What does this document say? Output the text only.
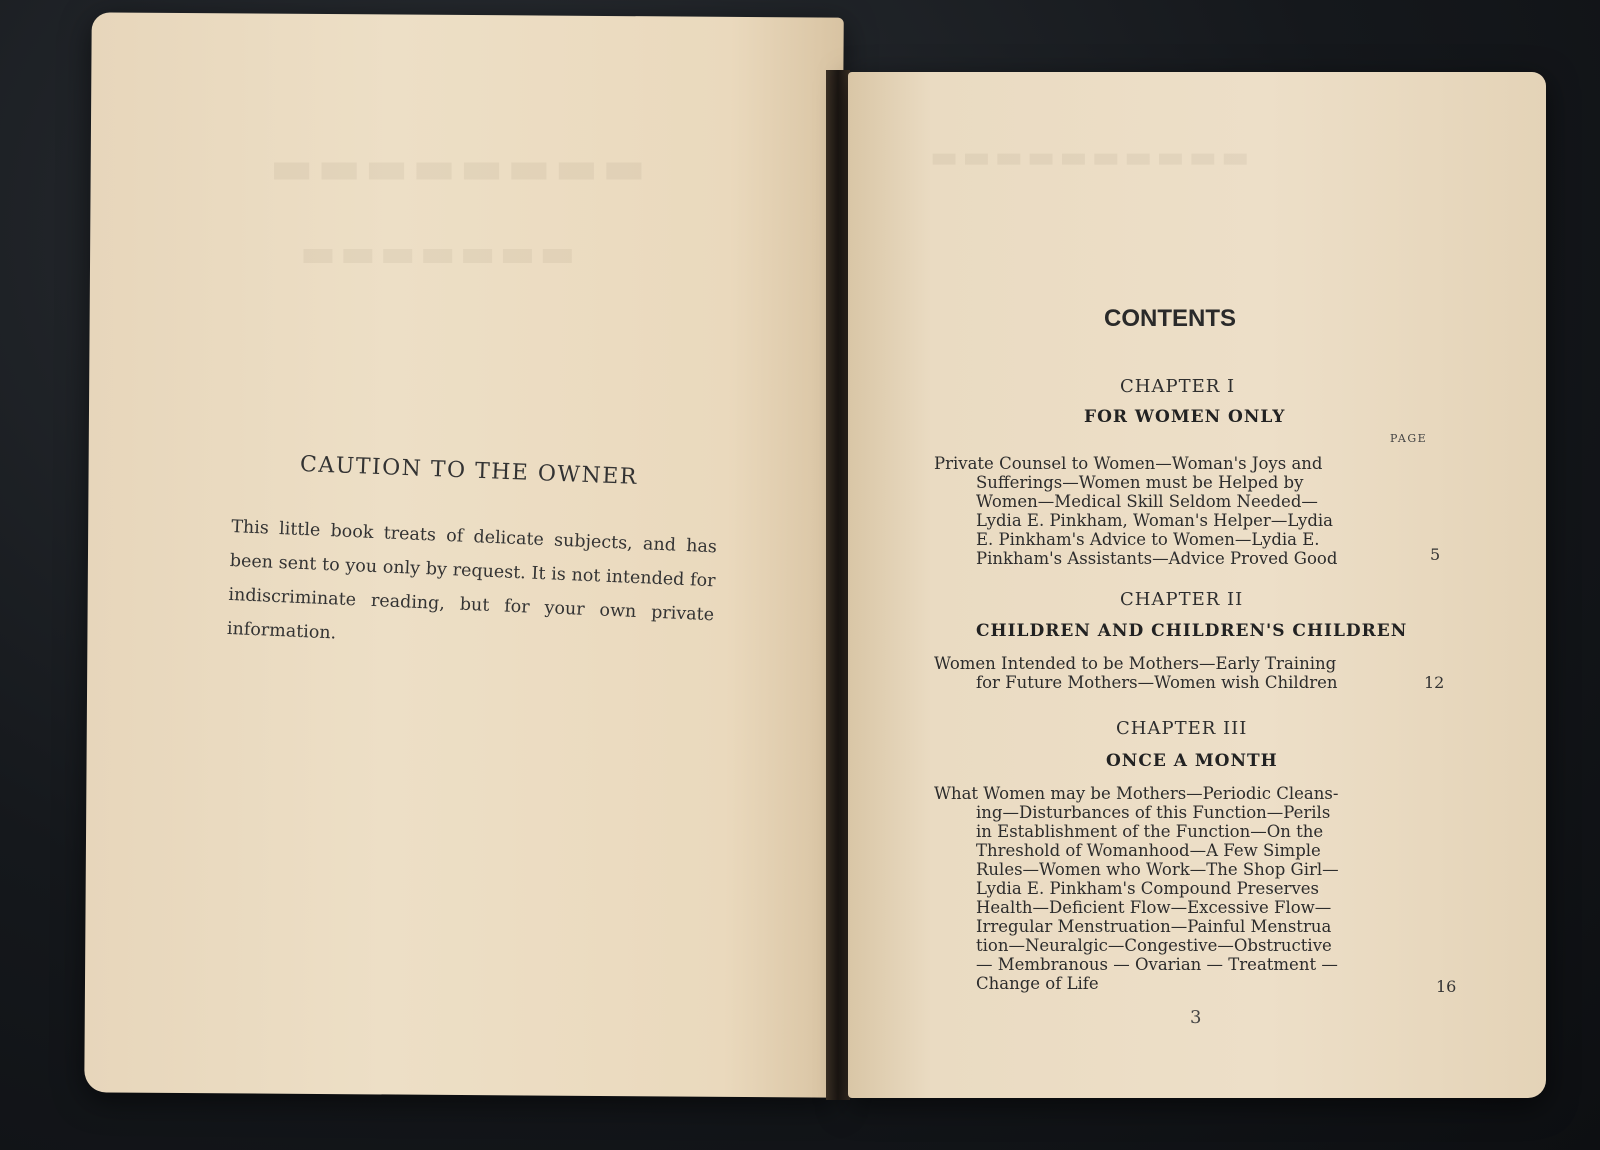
▬▬▬▬▬▬▬▬
▬▬▬▬▬▬▬
▬▬▬▬▬▬▬▬▬▬
CAUTION TO THE OWNER
This little book treats of delicate subjects, and has been sent to you only by request. It is not intended for indiscriminate reading, but for your own private information.
CONTENTS
CHAPTER I
FOR WOMEN ONLY
PAGE
Private Counsel to Women—Woman's Joys and
Sufferings—Women must be Helped by
Women—Medical Skill Seldom Needed—
Lydia E. Pinkham, Woman's Helper—Lydia
E. Pinkham's Advice to Women—Lydia E.
Pinkham's Assistants—Advice Proved Good	5
CHAPTER II
CHILDREN AND CHILDREN'S CHILDREN
Women Intended to be Mothers—Early Training
for Future Mothers—Women wish Children	12
CHAPTER III
ONCE A MONTH
What Women may be Mothers—Periodic Cleans-
ing—Disturbances of this Function—Perils
in Establishment of the Function—On the
Threshold of Womanhood—A Few Simple
Rules—Women who Work—The Shop Girl—
Lydia E. Pinkham's Compound Preserves
Health—Deficient Flow—Excessive Flow—
Irregular Menstruation—Painful Menstrua
tion—Neuralgic—Congestive—Obstructive
— Membranous — Ovarian — Treatment —
Change of Life	16
3
